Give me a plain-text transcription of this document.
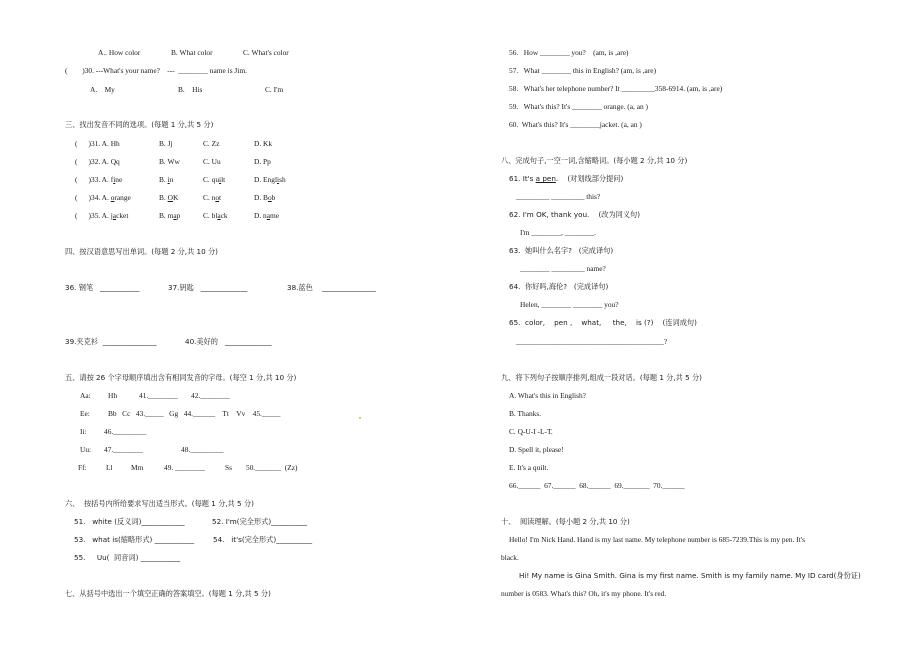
A.. How color	B. What color	C. What's color
(        )30. ---What's your name?    ---  ________ name is Jim.
A.    My	B.    His	C. I'm
三、找出发音不同的选项。(每题 1 分,共 5 分)
(      )31. A. Hh	B. Jj	C. Zz	D. Kk
(      )32. A. Qq	B. Ww	C. Uu	D. Pp
(      )33. A. fine	B. in	C. quilt	D. English
(      )34. A. orange	B. OK	C. not	D. Bob
(      )35. A. jacket	B. map	C. black	D. name
四、按汉语意思写出单词。(每题 2 分,共 10 分)
36. 钢笔   ___________	37.钥匙   _____________	38.蓝色    _______________
39.夹克衫  _______________	40.美好的   _____________
五、请按 26 个字母顺序填出含有相同发音的字母。(每空 1 分,共 10 分)
Aa: Hh	41.________ 42.________
Ee: Bb   Cc   43._____   Gg   44.______    Tt    Vv    45._____
Ii: 46._________
Uu: 47.________	48._________
Ff:	Ll Mm	49. ________	Ss 50._______  (Zz)
六、  按括号内所给要求写出适当形式。(每题 1 分,共 5 分)
51.   white (反义词)____________	52. I'm(完全形式)__________
53.   what is(缩略形式) ___________	54.   it's(完全形式)__________
55.     Uu(  同音词) ___________
七、从括号中选出一个填空正确的答案填空。(每题 1 分,共 5 分)
56.   How ________ you?    (am, is ,are)
57.   What ________ this in English? (am, is ,are)
58.   What's her telephone number? It _________358-6914. (am, is ,are)
59.   What's this? It's ________ orange. (a, an )
60.  What's this? It's ________jacket. (a, an )
八、完成句子,一空一词,含缩略词。(每小题 2 分,共 10 分)
61. It's a pen.    (对划线部分提问)
_________ _________ this?
62. I'm OK, thank you.    (改为同义句)
I'm ________, ________.
63.  她叫什么名字?   (完成译句)
________ _________ name?
64.  你好吗,海伦?   (完成译句)
Helen, ________ ________ you?
65.  color,    pen ,    what,     the,    is (?)    (连词成句)
________________________________________?
九、将下列句子按顺序排列,组成一段对话。(每题 1 分,共 5 分)
A. What's this in English?
B. Thanks.
C. Q-U-I -L-T.
D. Spell it, please!
E. It's a quilt.
66.______  67.______  68.______  69._______  70.______
十、  阅读理解。(每小题 2 分,共 10 分)
Hello! I'm Nick Hand. Hand is my last name. My telephone number is 685-7239.This is my pen. It's
black.
Hi! My name is Gina Smith. Gina is my first name. Smith is my family name. My ID card(身份证)
number is 0583. What's this? Oh, it's my phone. It's red.
